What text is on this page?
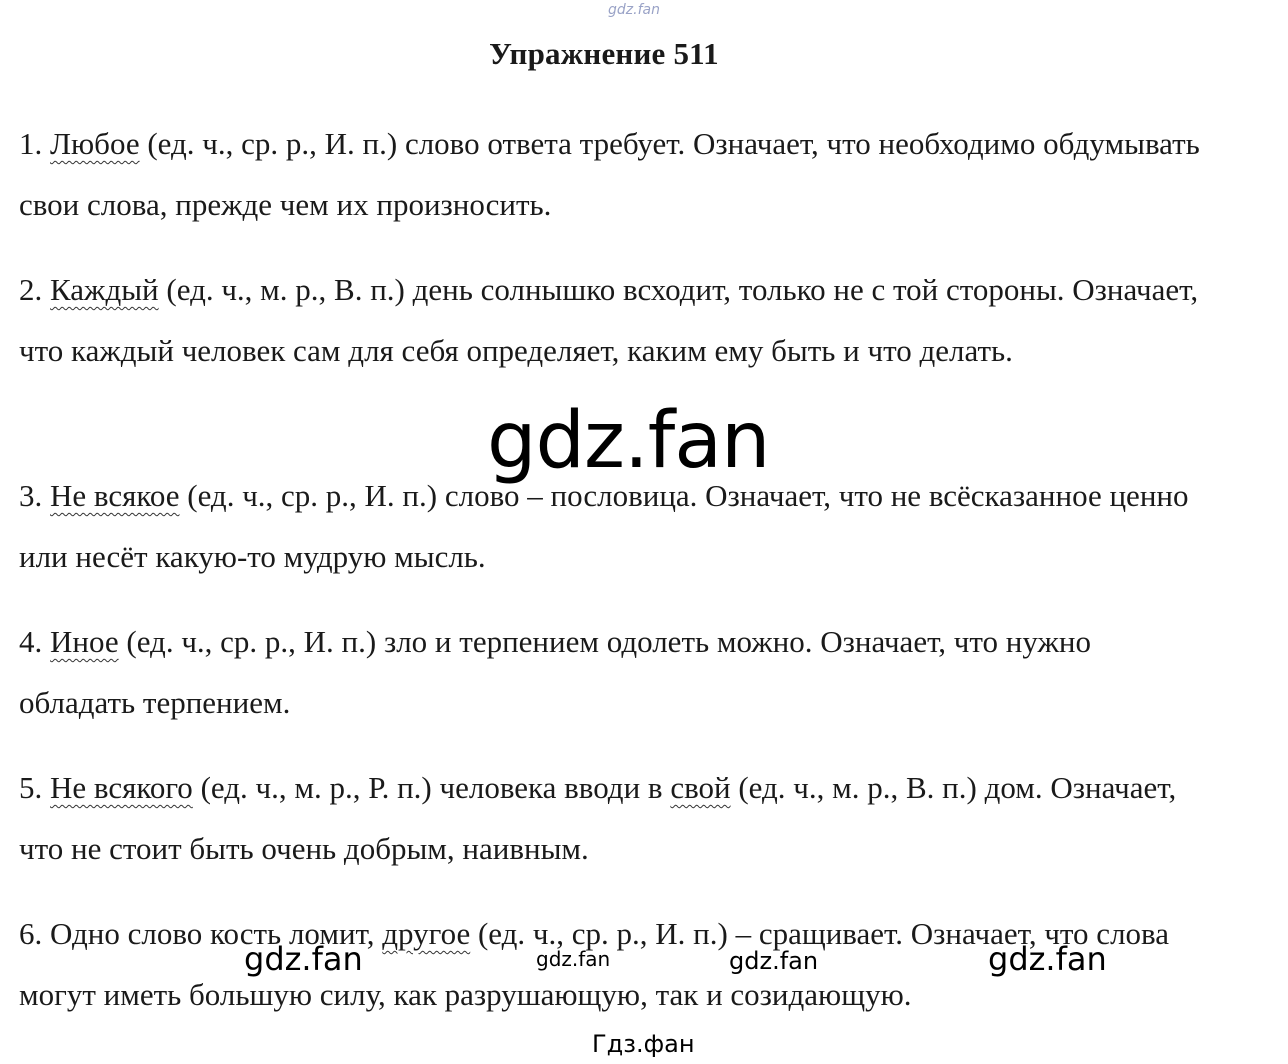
gdz.fan
Упражнение 511

1. Любое (ед. ч., ср. р., И. п.) слово ответа требует. Означает, что необходимо обдумывать свои слова, прежде чем их произносить.

2. Каждый (ед. ч., м. р., В. п.) день солнышко всходит, только не с той стороны. Означает, что каждый человек сам для себя определяет, каким ему быть и что делать.

3. Не всякое (ед. ч., ср. р., И. п.) слово – пословица. Означает, что не всёсказанное ценно или несёт какую-то мудрую мысль.

4. Иное (ед. ч., ср. р., И. п.) зло и терпением одолеть можно. Означает, что нужно обладать терпением.

5. Не всякого (ед. ч., м. р., Р. п.) человека вводи в свой (ед. ч., м. р., В. п.) дом. Означает, что не стоит быть очень добрым, наивным.

6. Одно слово кость ломит, другое (ед. ч., ср. р., И. п.) – сращивает. Означает, что слова могут иметь большую силу, как разрушающую, так и созидающую.

gdz.fan
gdz.fan	gdz.fan	gdz.fan	gdz.fan
Гдз.фан
